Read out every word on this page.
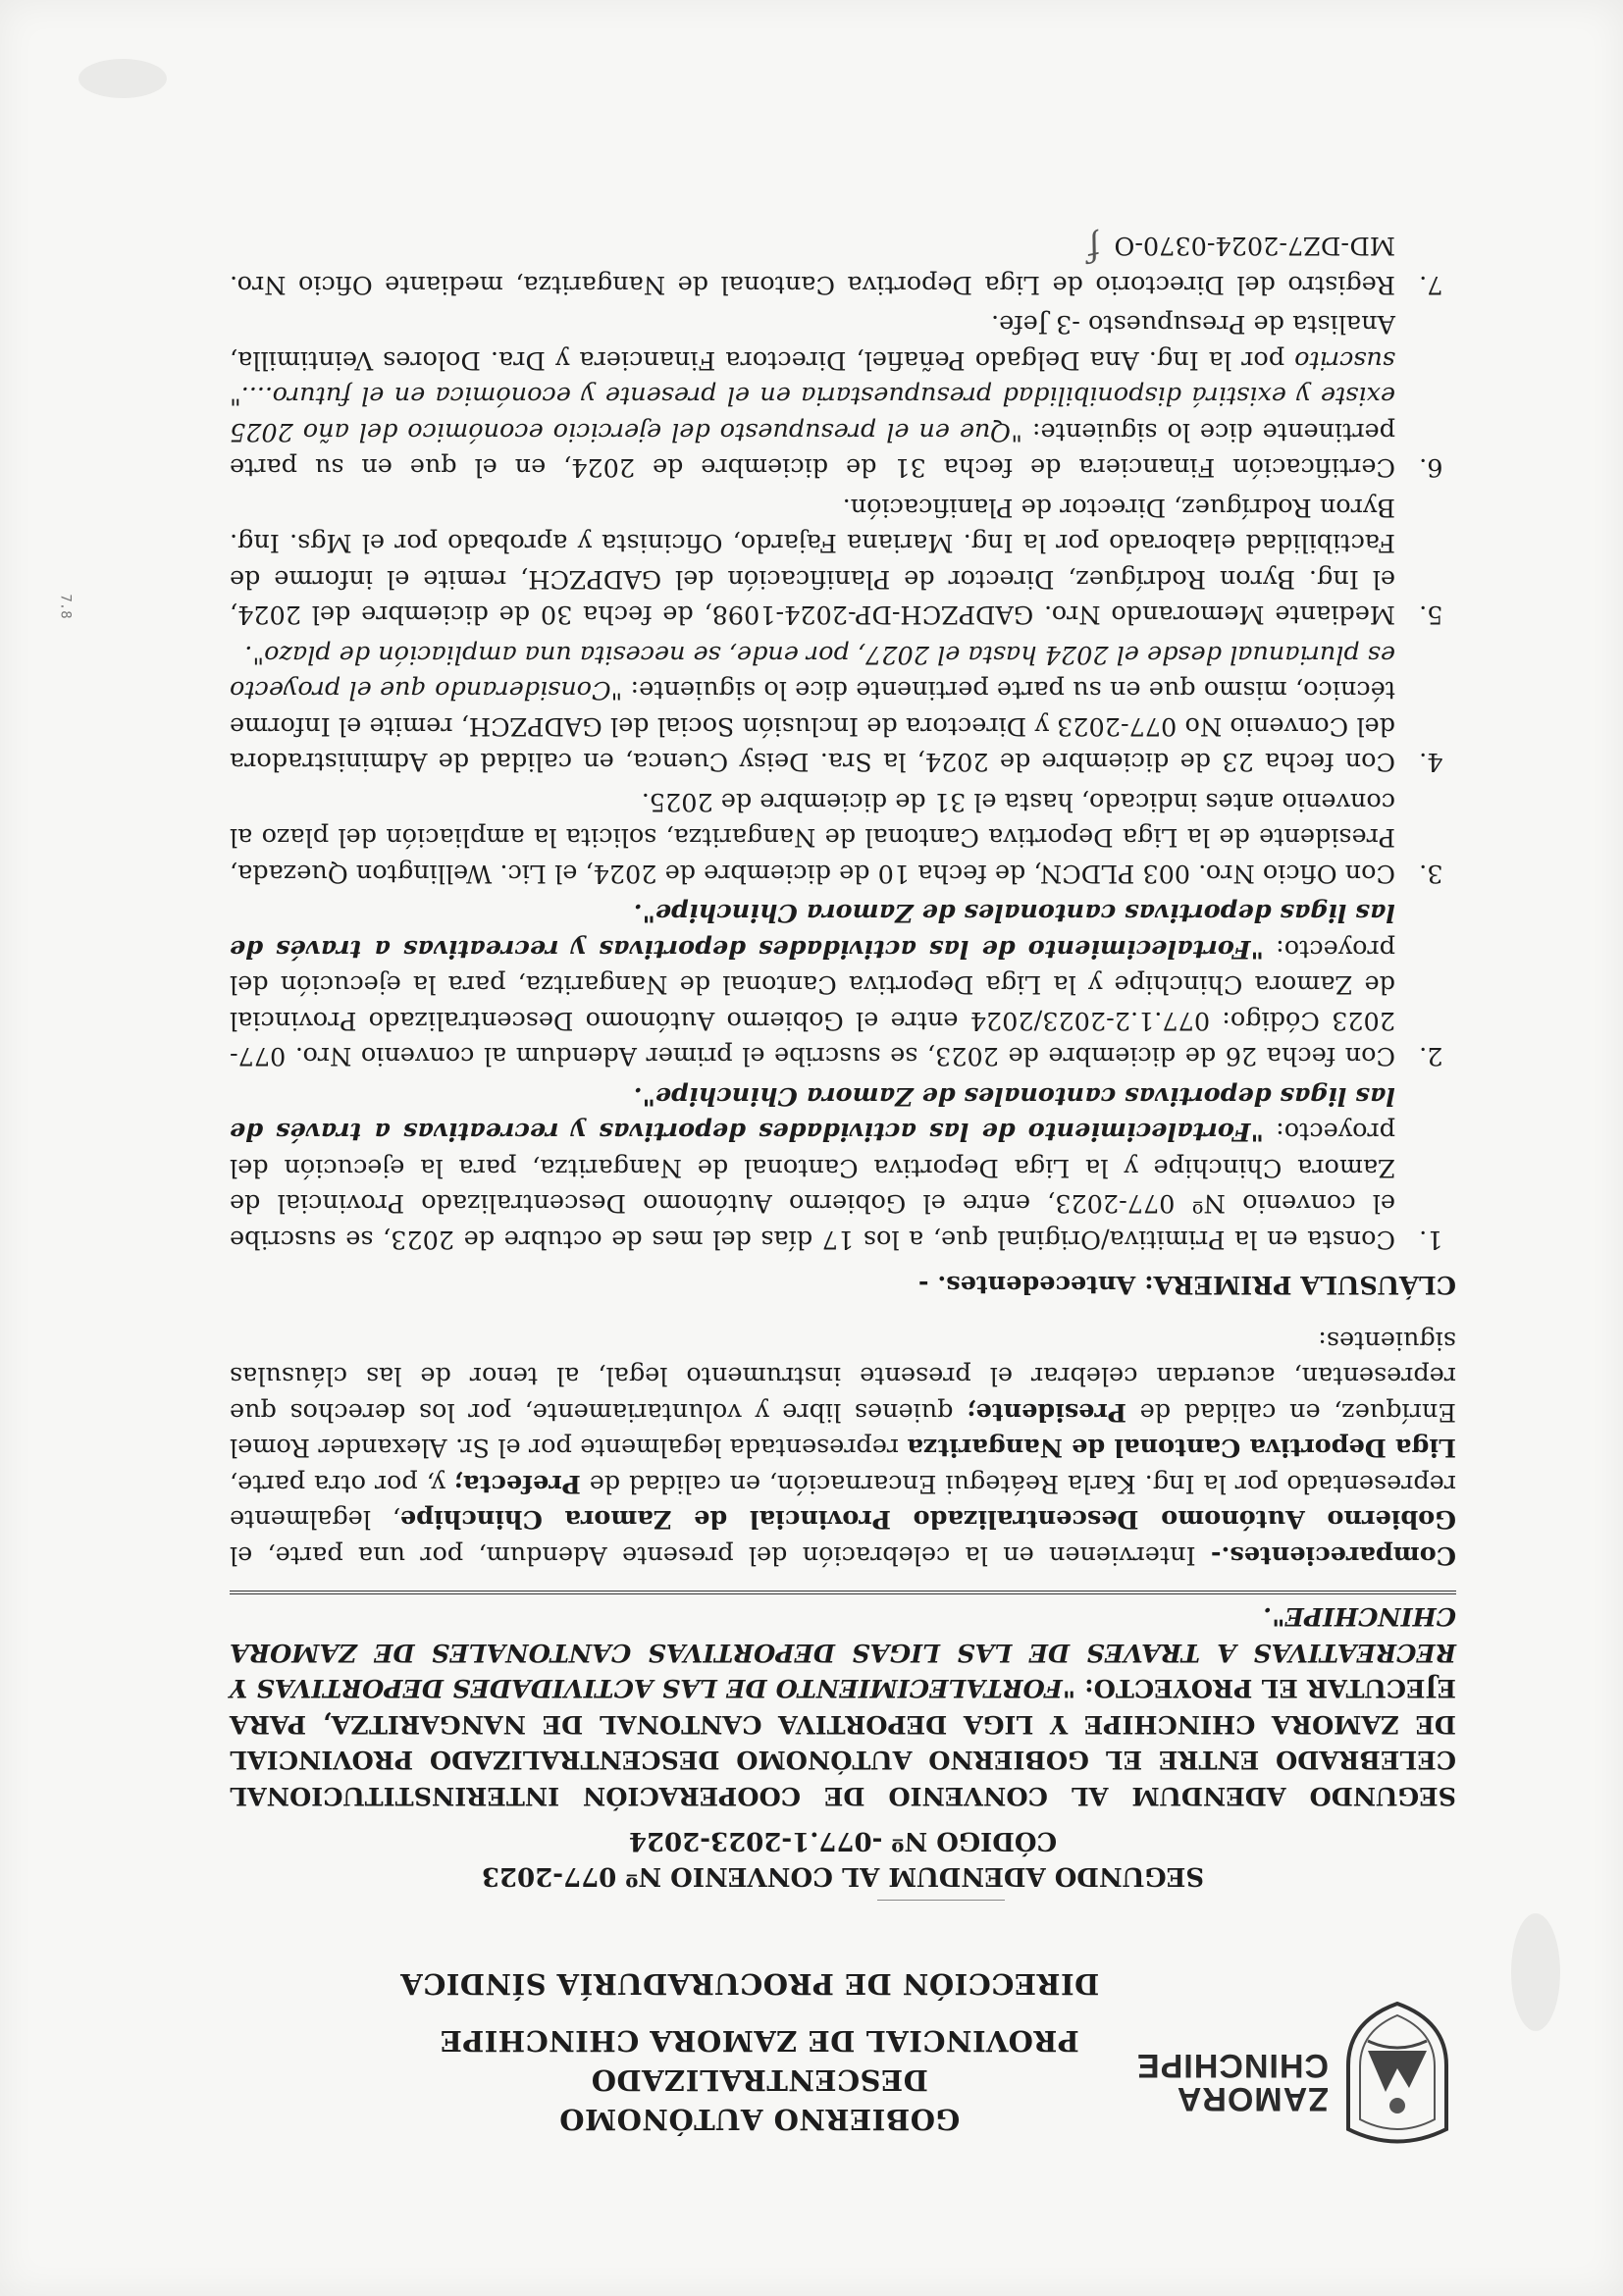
ZAMORA
CHINCHIPE
GOBIERNO AUTÓNOMO DESCENTRALIZADO
PROVINCIAL DE ZAMORA CHINCHIPE
DIRECCIÓN DE PROCURADURÍA SÍNDICA
SEGUNDO ADENDUM AL CONVENIO Nº 077-2023
CÓDIGO Nº -077.1-2023-2024
SEGUNDO ADENDUM AL CONVENIO DE COOPERACIÓN INTERINSTITUCIONAL CELEBRADO ENTRE EL GOBIERNO AUTÓNOMO DESCENTRALIZADO PROVINCIAL DE ZAMORA CHINCHIPE Y LIGA DEPORTIVA CANTONAL DE NANGARITZA, PARA EJECUTAR EL PROYECTO: "FORTALECIMIENTO DE LAS ACTIVIDADES DEPORTIVAS Y RECREATIVAS A TRAVES DE LAS LIGAS DEPORTIVAS CANTONALES DE ZAMORA CHINCHIPE".

Comparecientes.- Intervienen en la celebración del presente Adendum, por una parte, el Gobierno Autónomo Descentralizado Provincial de Zamora Chinchipe, legalmente representado por la Ing. Karla Reátegui Encarnación, en calidad de Prefecta; y, por otra parte, Liga Deportiva Cantonal de Nangaritza representada legalmente por el Sr. Alexander Romel Enríquez, en calidad de Presidente; quienes libre y voluntariamente, por los derechos que representan, acuerdan celebrar el presente instrumento legal, al tenor de las cláusulas siguientes:

CLÁUSULA PRIMERA: Antecedentes. -
1. Consta en la Primitiva/Original que, a los 17 días del mes de octubre de 2023, se suscribe el convenio Nº 077-2023, entre el Gobierno Autónomo Descentralizado Provincial de Zamora Chinchipe y la Liga Deportiva Cantonal de Nangaritza, para la ejecución del proyecto: "Fortalecimiento de las actividades deportivas y recreativas a través de las ligas deportivas cantonales de Zamora Chinchipe".
2. Con fecha 26 de diciembre de 2023, se suscribe el primer Adendum al convenio Nro. 077-2023 Código: 077.1.2-2023/2024 entre el Gobierno Autónomo Descentralizado Provincial de Zamora Chinchipe y la Liga Deportiva Cantonal de Nangaritza, para la ejecución del proyecto: "Fortalecimiento de las actividades deportivas y recreativas a través de las ligas deportivas cantonales de Zamora Chinchipe".
3. Con Oficio Nro. 003 PLDCN, de fecha 10 de diciembre de 2024, el Lic. Wellington Quezada, Presidente de la Liga Deportiva Cantonal de Nangaritza, solicita la ampliación del plazo al convenio antes indicado, hasta el 31 de diciembre de 2025.
4. Con fecha 23 de diciembre de 2024, la Sra. Deisy Cuenca, en calidad de Administradora del Convenio No 077-2023 y Directora de Inclusión Social del GADPZCH, remite el Informe técnico, mismo que en su parte pertinente dice lo siguiente: "Considerando que el proyecto es plurianual desde el 2024 hasta el 2027, por ende, se necesita una ampliación de plazo".
5. Mediante Memorando Nro. GADPZCH-DP-2024-1098, de fecha 30 de diciembre del 2024, el Ing. Byron Rodríguez, Director de Planificación del GADPZCH, remite el informe de Factibilidad elaborado por la Ing. Mariana Fajardo, Oficinista y aprobado por el Mgs. Ing. Byron Rodríguez, Director de Planificación.
6. Certificación Financiera de fecha 31 de diciembre de 2024, en el que en su parte pertinente dice lo siguiente: "Que en el presupuesto del ejercicio económico del año 2025 existe y existirá disponibilidad presupuestaria en el presente y económica en el futuro...." suscrito por la Ing. Ana Delgado Peñafiel, Directora Financiera y Dra. Dolores Veintimilla, Analista de Presupuesto -3 Jefe.
7. Registro del Directorio de Liga Deportiva Cantonal de Nangaritza, mediante Oficio Nro. MD-DZ7-2024-0370-Of
7.8
